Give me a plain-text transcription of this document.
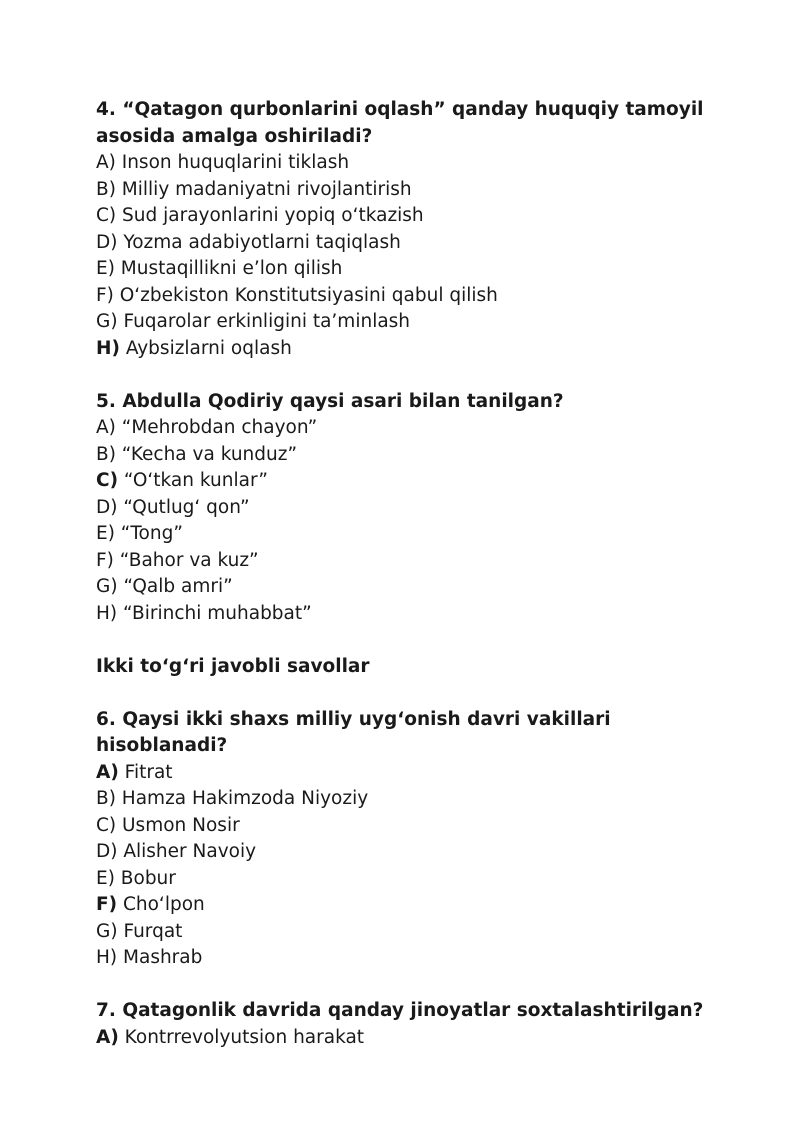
4. “Qatagon qurbonlarini oqlash” qanday huquqiy tamoyil asosida amalga oshiriladi?

A) Inson huquqlarini tiklash

B) Milliy madaniyatni rivojlantirish

C) Sud jarayonlarini yopiq o‘tkazish

D) Yozma adabiyotlarni taqiqlash

E) Mustaqillikni e’lon qilish

F) O‘zbekiston Konstitutsiyasini qabul qilish

G) Fuqarolar erkinligini ta’minlash

H) Aybsizlarni oqlash

5. Abdulla Qodiriy qaysi asari bilan tanilgan?

A) “Mehrobdan chayon”

B) “Kecha va kunduz”

C) “O‘tkan kunlar”

D) “Qutlug‘ qon”

E) “Tong”

F) “Bahor va kuz”

G) “Qalb amri”

H) “Birinchi muhabbat”

Ikki to‘g‘ri javobli savollar

6. Qaysi ikki shaxs milliy uyg‘onish davri vakillari hisoblanadi?

A) Fitrat

B) Hamza Hakimzoda Niyoziy

C) Usmon Nosir

D) Alisher Navoiy

E) Bobur

F) Cho‘lpon

G) Furqat

H) Mashrab

7. Qatagonlik davrida qanday jinoyatlar soxtalashtirilgan?

A) Kontrrevolyutsion harakat
